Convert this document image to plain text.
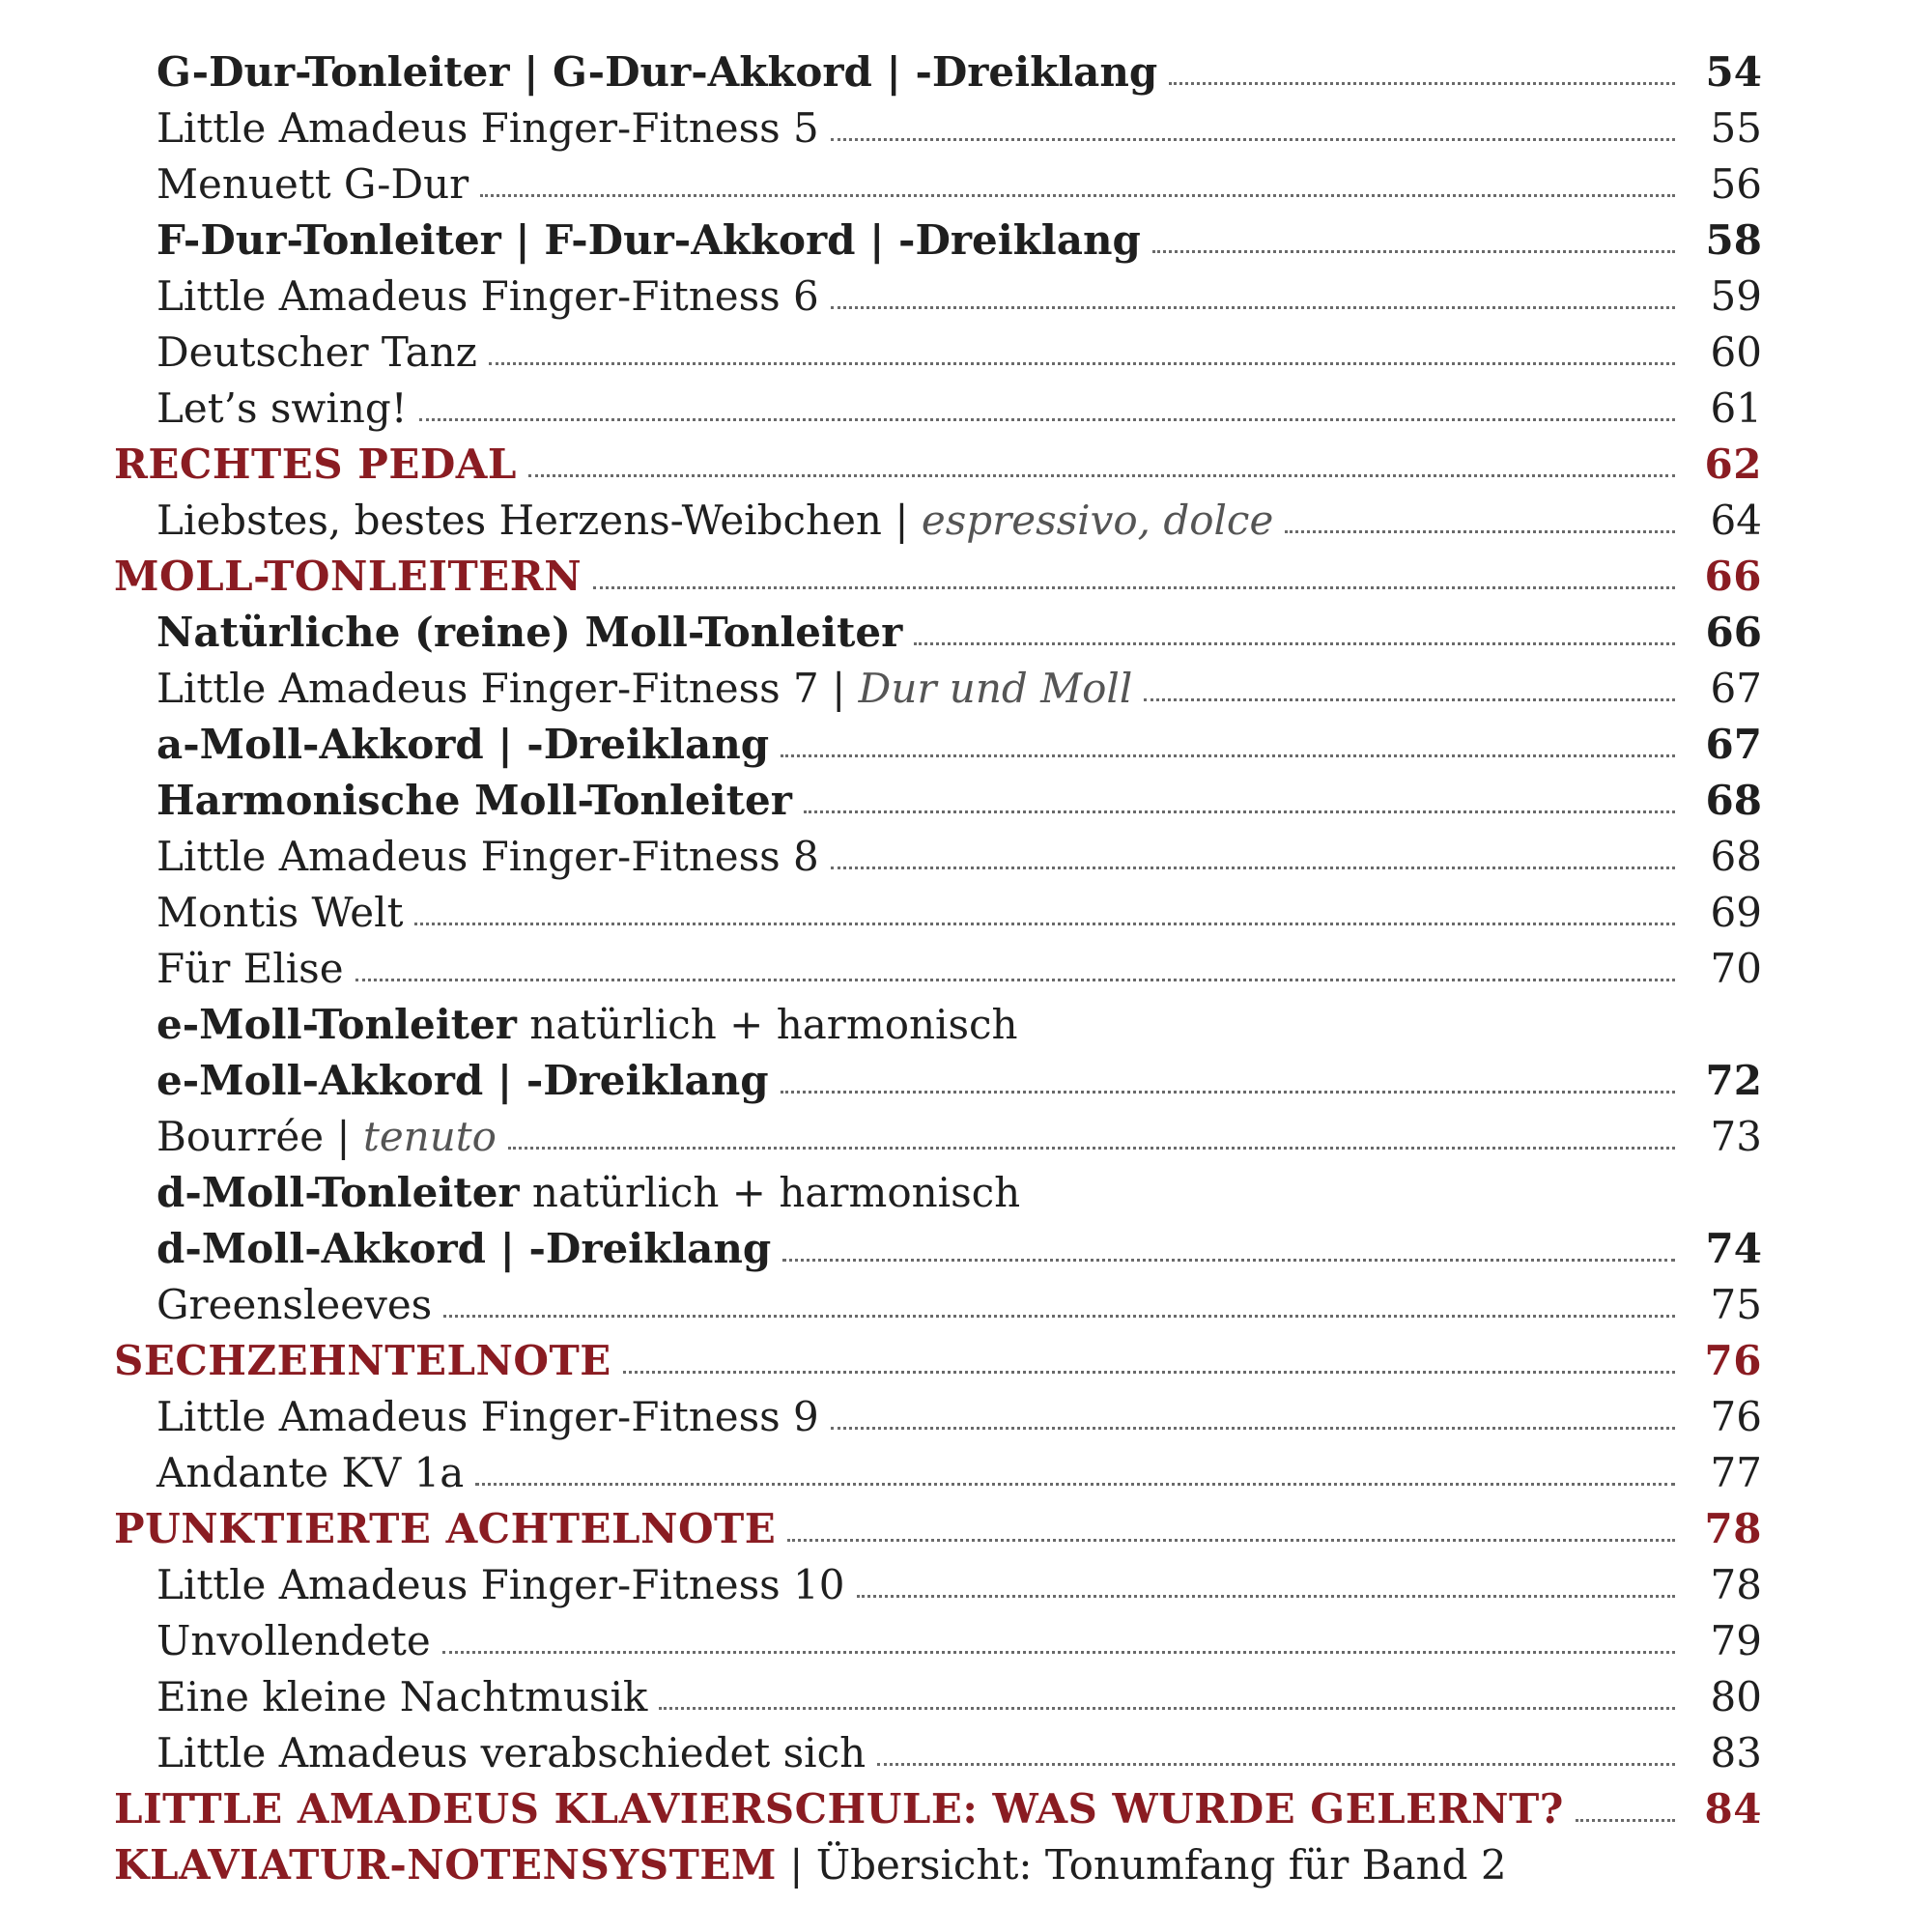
G-Dur-Tonleiter | G-Dur-Akkord | -Dreiklang	54
Little Amadeus Finger-Fitness 5	55
Menuett G-Dur	56
F-Dur-Tonleiter | F-Dur-Akkord | -Dreiklang	58
Little Amadeus Finger-Fitness 6	59
Deutscher Tanz	60
Let’s swing!	61
RECHTES PEDAL	62
Liebstes, bestes Herzens-Weibchen | espressivo, dolce	64
MOLL-TONLEITERN	66
Natürliche (reine) Moll-Tonleiter	66
Little Amadeus Finger-Fitness 7 | Dur und Moll	67
a-Moll-Akkord | -Dreiklang	67
Harmonische Moll-Tonleiter	68
Little Amadeus Finger-Fitness 8	68
Montis Welt	69
Für Elise	70
e-Moll-Tonleiter natürlich + harmonisch
e-Moll-Akkord | -Dreiklang	72
Bourrée | tenuto	73
d-Moll-Tonleiter natürlich + harmonisch
d-Moll-Akkord | -Dreiklang	74
Greensleeves	75
SECHZEHNTELNOTE	76
Little Amadeus Finger-Fitness 9	76
Andante KV 1a	77
PUNKTIERTE ACHTELNOTE	78
Little Amadeus Finger-Fitness 10	78
Unvollendete	79
Eine kleine Nachtmusik	80
Little Amadeus verabschiedet sich	83
LITTLE AMADEUS KLAVIERSCHULE: WAS WURDE GELERNT?	84
KLAVIATUR-NOTENSYSTEM | Übersicht: Tonumfang für Band 2
